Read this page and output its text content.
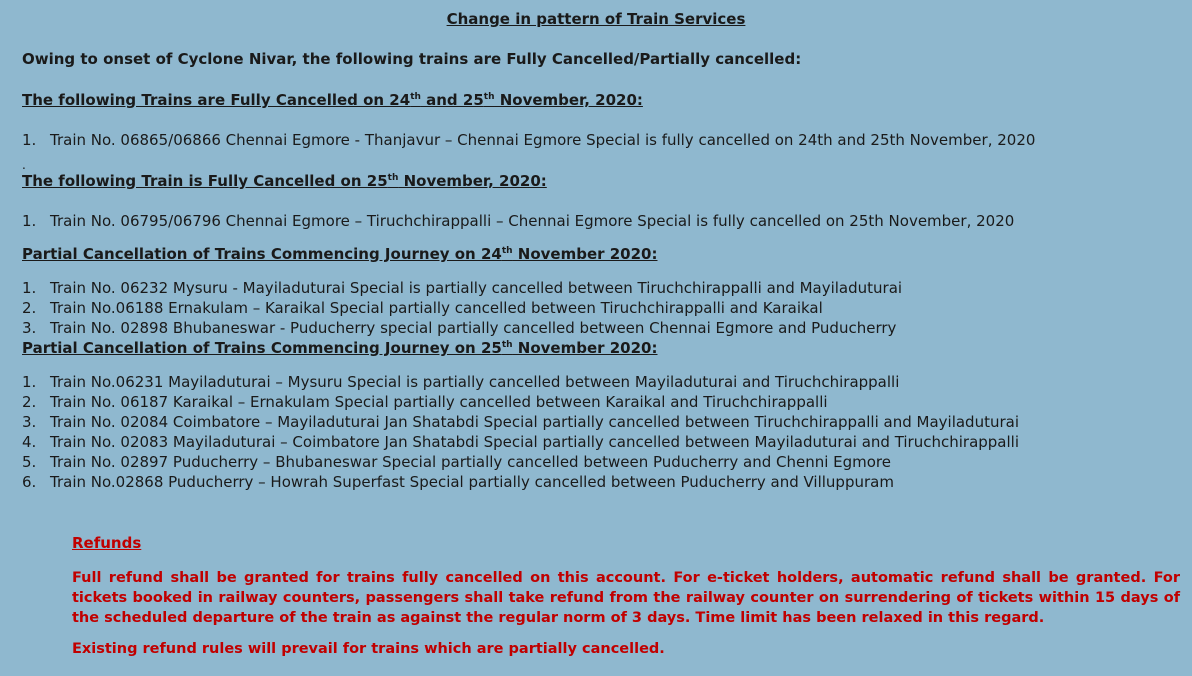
Change in pattern of Train Services
Owing to onset of Cyclone Nivar, the following trains are Fully Cancelled/Partially cancelled:
The following Trains are Fully Cancelled on 24th and 25th November, 2020:
1. Train No. 06865/06866 Chennai Egmore - Thanjavur – Chennai Egmore Special is fully cancelled on 24th and 25th November, 2020
.
The following Train is Fully Cancelled on 25th November, 2020:
1. Train No. 06795/06796 Chennai Egmore – Tiruchchirappalli – Chennai Egmore Special is fully cancelled on 25th November, 2020
Partial Cancellation of Trains Commencing Journey on 24th November 2020:
1. Train No. 06232 Mysuru - Mayiladuturai Special is partially cancelled between Tiruchchirappalli and Mayiladuturai
2. Train No.06188 Ernakulam – Karaikal Special partially cancelled between Tiruchchirappalli and Karaikal
3. Train No. 02898 Bhubaneswar - Puducherry special partially cancelled between Chennai Egmore and Puducherry
Partial Cancellation of Trains Commencing Journey on 25th November 2020:
1. Train No.06231 Mayiladuturai – Mysuru Special is partially cancelled between Mayiladuturai and Tiruchchirappalli
2. Train No. 06187 Karaikal – Ernakulam Special partially cancelled between Karaikal and Tiruchchirappalli
3. Train No. 02084 Coimbatore – Mayiladuturai Jan Shatabdi Special partially cancelled between Tiruchchirappalli and Mayiladuturai
4. Train No. 02083 Mayiladuturai – Coimbatore Jan Shatabdi Special partially cancelled between Mayiladuturai and Tiruchchirappalli
5. Train No. 02897 Puducherry – Bhubaneswar Special partially cancelled between Puducherry and Chenni Egmore
6. Train No.02868 Puducherry – Howrah Superfast Special partially cancelled between Puducherry and Villuppuram
Refunds
Full refund shall be granted for trains fully cancelled on this account. For e-ticket holders, automatic refund shall be granted. For tickets booked in railway counters, passengers shall take refund from the railway counter on surrendering of tickets within 15 days of the scheduled departure of the train as against the regular norm of 3 days. Time limit has been relaxed in this regard.
Existing refund rules will prevail for trains which are partially cancelled.
